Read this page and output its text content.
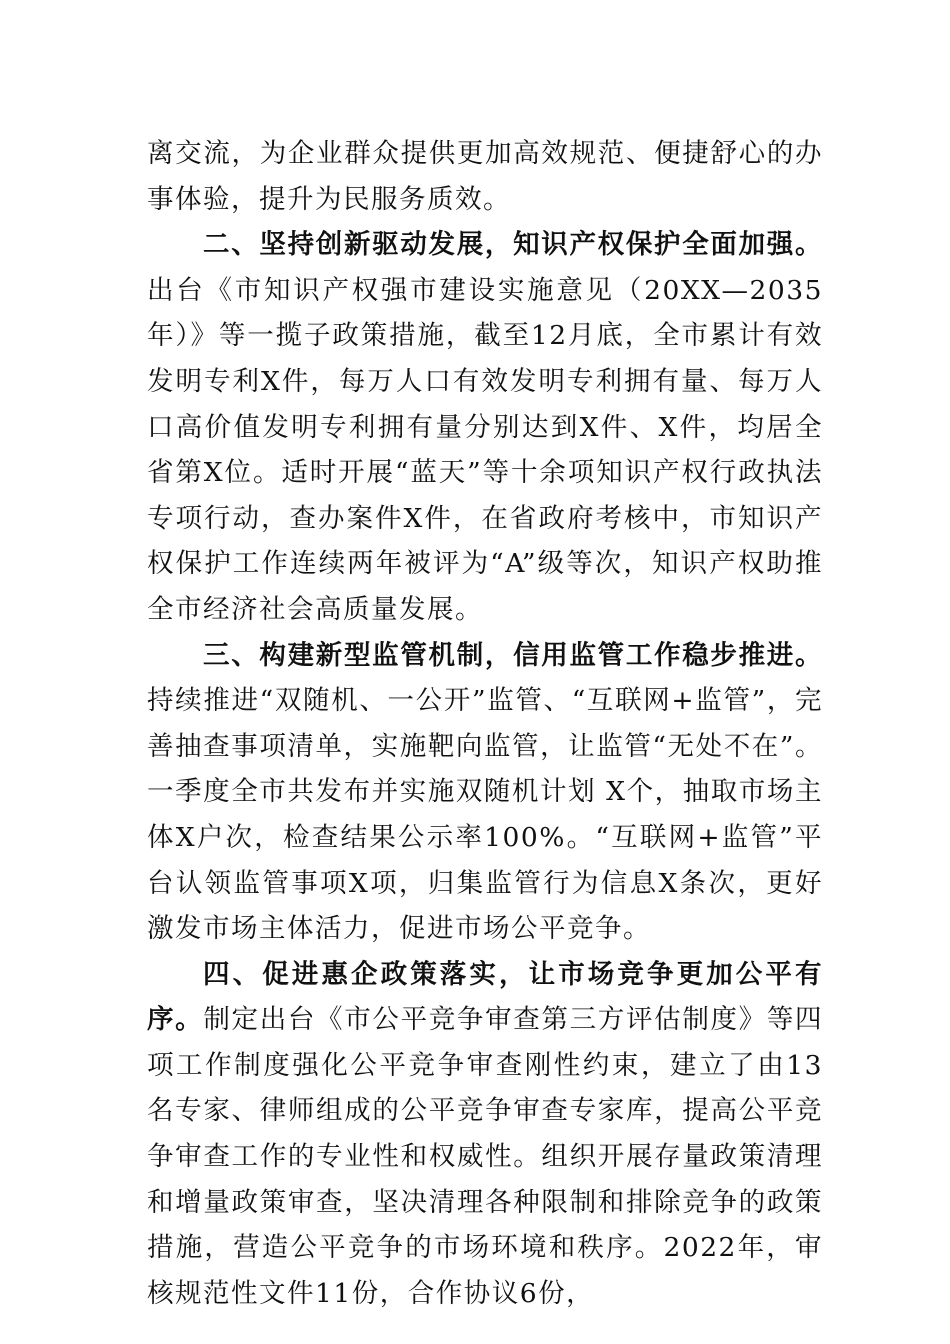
离交流，为企业群众提供更加高效规范、便捷舒心的办事体验，提升为民服务质效。

二、坚持创新驱动发展，知识产权保护全面加强。出台《市知识产权强市建设实施意见（20XX—2035年）》等一揽子政策措施，截至12月底，全市累计有效发明专利X件，每万人口有效发明专利拥有量、每万人口高价值发明专利拥有量分别达到X件、X件，均居全省第X位。适时开展“蓝天”等十余项知识产权行政执法专项行动，查办案件X件，在省政府考核中，市知识产权保护工作连续两年被评为“A”级等次，知识产权助推全市经济社会高质量发展。

三、构建新型监管机制，信用监管工作稳步推进。持续推进“双随机、一公开”监管、“互联网+监管”，完善抽查事项清单，实施靶向监管，让监管“无处不在”。一季度全市共发布并实施双随机计划 X个，抽取市场主体X户次，检查结果公示率100%。“互联网+监管”平台认领监管事项X项，归集监管行为信息X条次，更好激发市场主体活力，促进市场公平竞争。

四、促进惠企政策落实，让市场竞争更加公平有序。制定出台《市公平竞争审查第三方评估制度》等四项工作制度强化公平竞争审查刚性约束，建立了由13名专家、律师组成的公平竞争审查专家库，提高公平竞争审查工作的专业性和权威性。组织开展存量政策清理和增量政策审查，坚决清理各种限制和排除竞争的政策措施，营造公平竞争的市场环境和秩序。2022年，审核规范性文件11份，合作协议6份，
